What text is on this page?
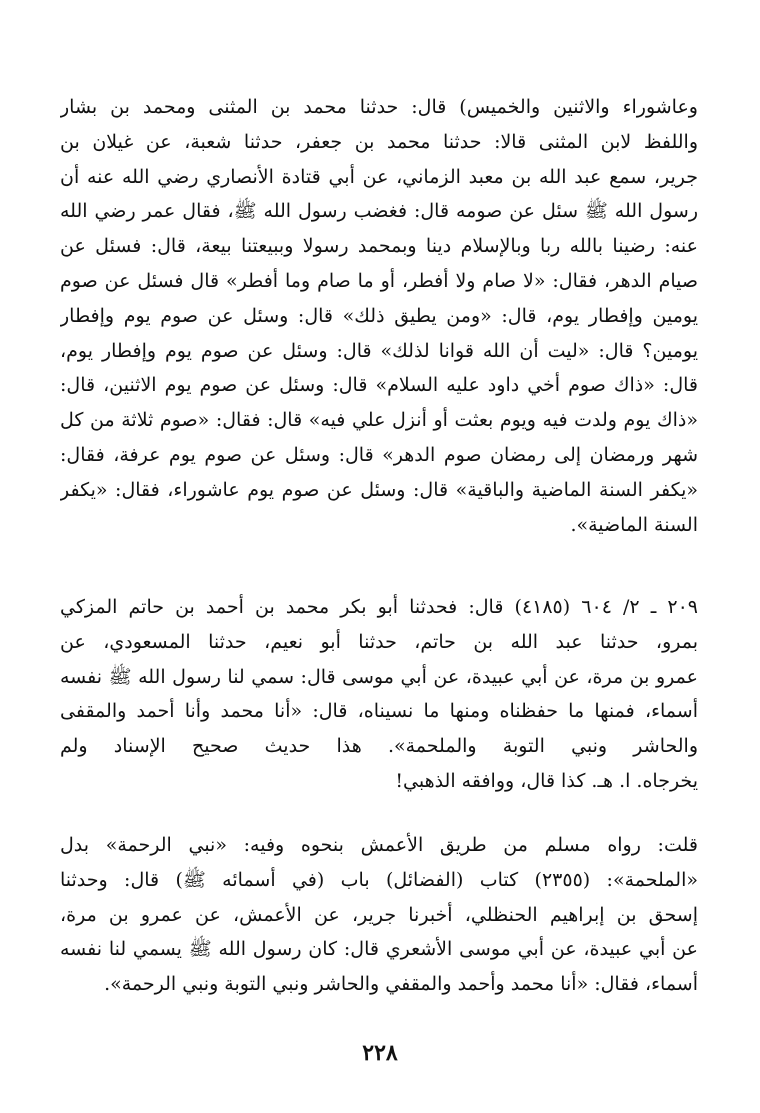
وعاشوراء والاثنين والخميس) قال: حدثنا محمد بن المثنى ومحمد بن بشار
واللفظ لابن المثنى قالا: حدثنا محمد بن جعفر، حدثنا شعبة، عن غيلان بن
جرير، سمع عبد الله بن معبد الزماني، عن أبي قتادة الأنصاري رضي الله عنه أن
رسول الله ﷺ سئل عن صومه قال: فغضب رسول الله ﷺ، فقال عمر رضي الله
عنه: رضينا بالله ربا وبالإسلام دينا وبمحمد رسولا وببيعتنا بيعة، قال: فسئل عن
صيام الدهر، فقال: «لا صام ولا أفطر، أو ما صام وما أفطر» قال فسئل عن صوم
يومين وإفطار يوم، قال: «ومن يطيق ذلك» قال: وسئل عن صوم يوم وإفطار
يومين؟ قال: «ليت أن الله قوانا لذلك» قال: وسئل عن صوم يوم وإفطار يوم،
قال: «ذاك صوم أخي داود عليه السلام» قال: وسئل عن صوم يوم الاثنين، قال:
«ذاك يوم ولدت فيه ويوم بعثت أو أنزل علي فيه» قال: فقال: «صوم ثلاثة من كل
شهر ورمضان إلى رمضان صوم الدهر» قال: وسئل عن صوم يوم عرفة، فقال:
«يكفر السنة الماضية والباقية» قال: وسئل عن صوم يوم عاشوراء، فقال: «يكفر
السنة الماضية».
٢٠٩ ـ ٢/ ٦٠٤ (٤١٨٥) قال: فحدثنا أبو بكر محمد بن أحمد بن حاتم المزكي
بمرو، حدثنا عبد الله بن حاتم، حدثنا أبو نعيم، حدثنا المسعودي، عن
عمرو بن مرة، عن أبي عبيدة، عن أبي موسى قال: سمي لنا رسول الله ﷺ نفسه
أسماء، فمنها ما حفظناه ومنها ما نسيناه، قال: «أنا محمد وأنا أحمد والمقفى
والحاشر ونبي التوبة والملحمة». هذا حديث صحيح الإسناد ولم
يخرجاه. ا. هـ. كذا قال، ووافقه الذهبي!
قلت: رواه مسلم من طريق الأعمش بنحوه وفيه: «نبي الرحمة» بدل
«الملحمة»: (٢٣٥٥) كتاب (الفضائل) باب (في أسمائه ﷺ) قال: وحدثنا
إسحق بن إبراهيم الحنظلي، أخبرنا جرير، عن الأعمش، عن عمرو بن مرة،
عن أبي عبيدة، عن أبي موسى الأشعري قال: كان رسول الله ﷺ يسمي لنا نفسه
أسماء، فقال: «أنا محمد وأحمد والمقفي والحاشر ونبي التوبة ونبي الرحمة».
٢٢٨
